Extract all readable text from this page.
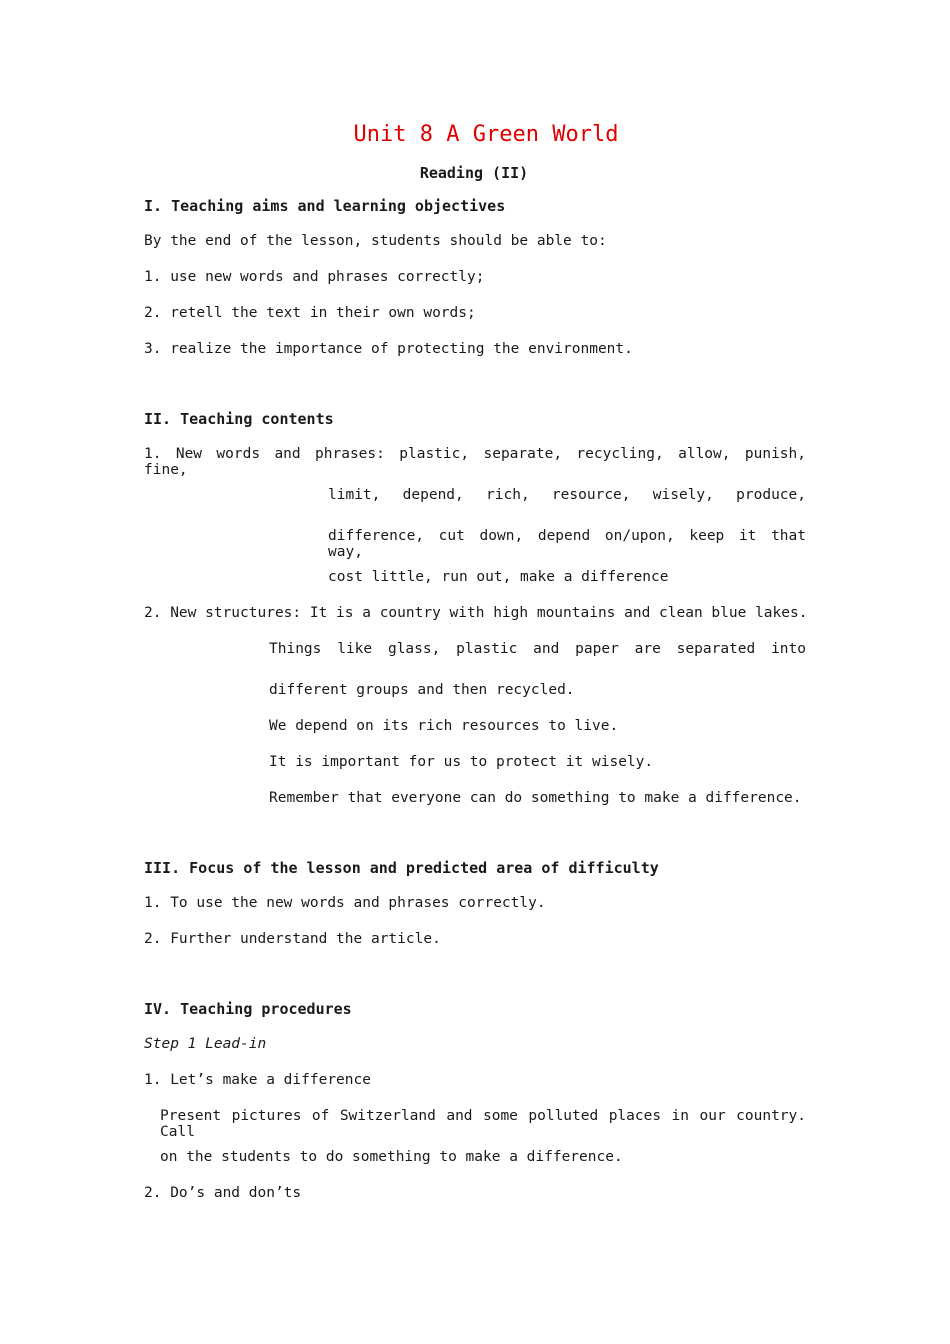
Unit 8 A Green World
Reading (II)
I. Teaching aims and learning objectives
By the end of the lesson, students should be able to:
1. use new words and phrases correctly;
2. retell the text in their own words;
3. realize the importance of protecting the environment.
II. Teaching contents
1. New words and phrases: plastic, separate, recycling, allow, punish, fine,
limit, depend, rich, resource, wisely, produce,
difference, cut down, depend on/upon, keep it that way,
cost little, run out, make a difference
2. New structures: It is a country with high mountains and clean blue lakes.
Things like glass, plastic and paper are separated into
different groups and then recycled.
We depend on its rich resources to live.
It is important for us to protect it wisely.
Remember that everyone can do something to make a difference.
III. Focus of the lesson and predicted area of difficulty
1. To use the new words and phrases correctly.
2. Further understand the article.
IV. Teaching procedures
Step 1 Lead-in
1. Let’s make a difference
Present pictures of Switzerland and some polluted places in our country. Call
on the students to do something to make a difference.
2. Do’s and don’ts
